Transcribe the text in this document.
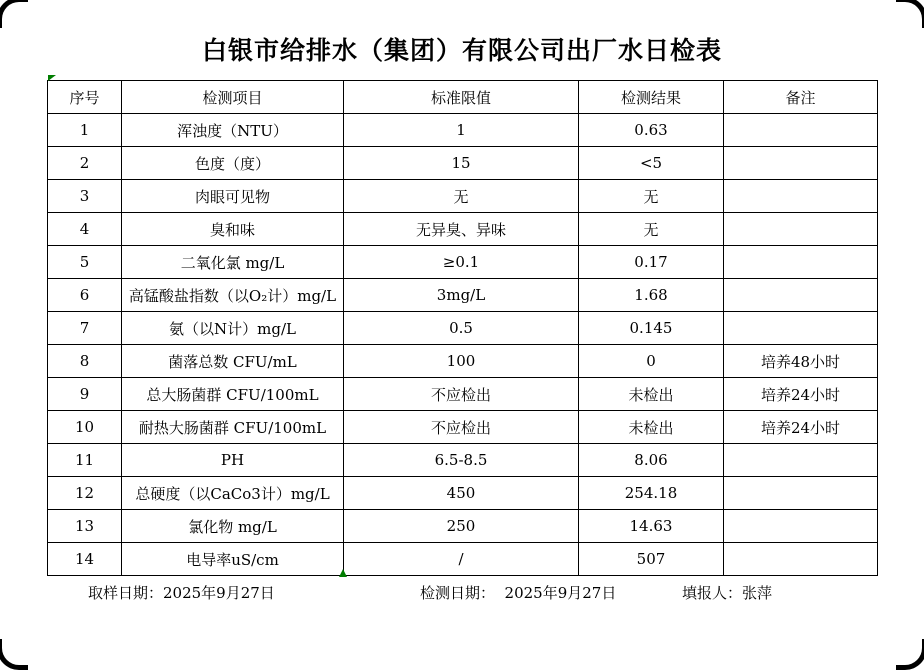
白银市给排水（集团）有限公司出厂水日检表
序号	检测项目	标准限值	检测结果	备注
1	浑浊度（NTU）	1	0.63	
2	色度（度）	15	<5	
3	肉眼可见物	无	无	
4	臭和味	无异臭、异味	无	
5	二氧化氯 mg/L	≥0.1	0.17	
6	高锰酸盐指数（以O₂计）mg/L	3mg/L	1.68	
7	氨（以N计）mg/L	0.5	0.145	
8	菌落总数 CFU/mL	100	0	培养48小时
9	总大肠菌群 CFU/100mL	不应检出	未检出	培养24小时
10	耐热大肠菌群 CFU/100mL	不应检出	未检出	培养24小时
11	PH	6.5-8.5	8.06	
12	总硬度（以CaCo3计）mg/L	450	254.18	
13	氯化物 mg/L	250	14.63	
14	电导率uS/cm	/	507	
取样日期：2025年9月27日	检测日期：  2025年9月27日	填报人：张萍
